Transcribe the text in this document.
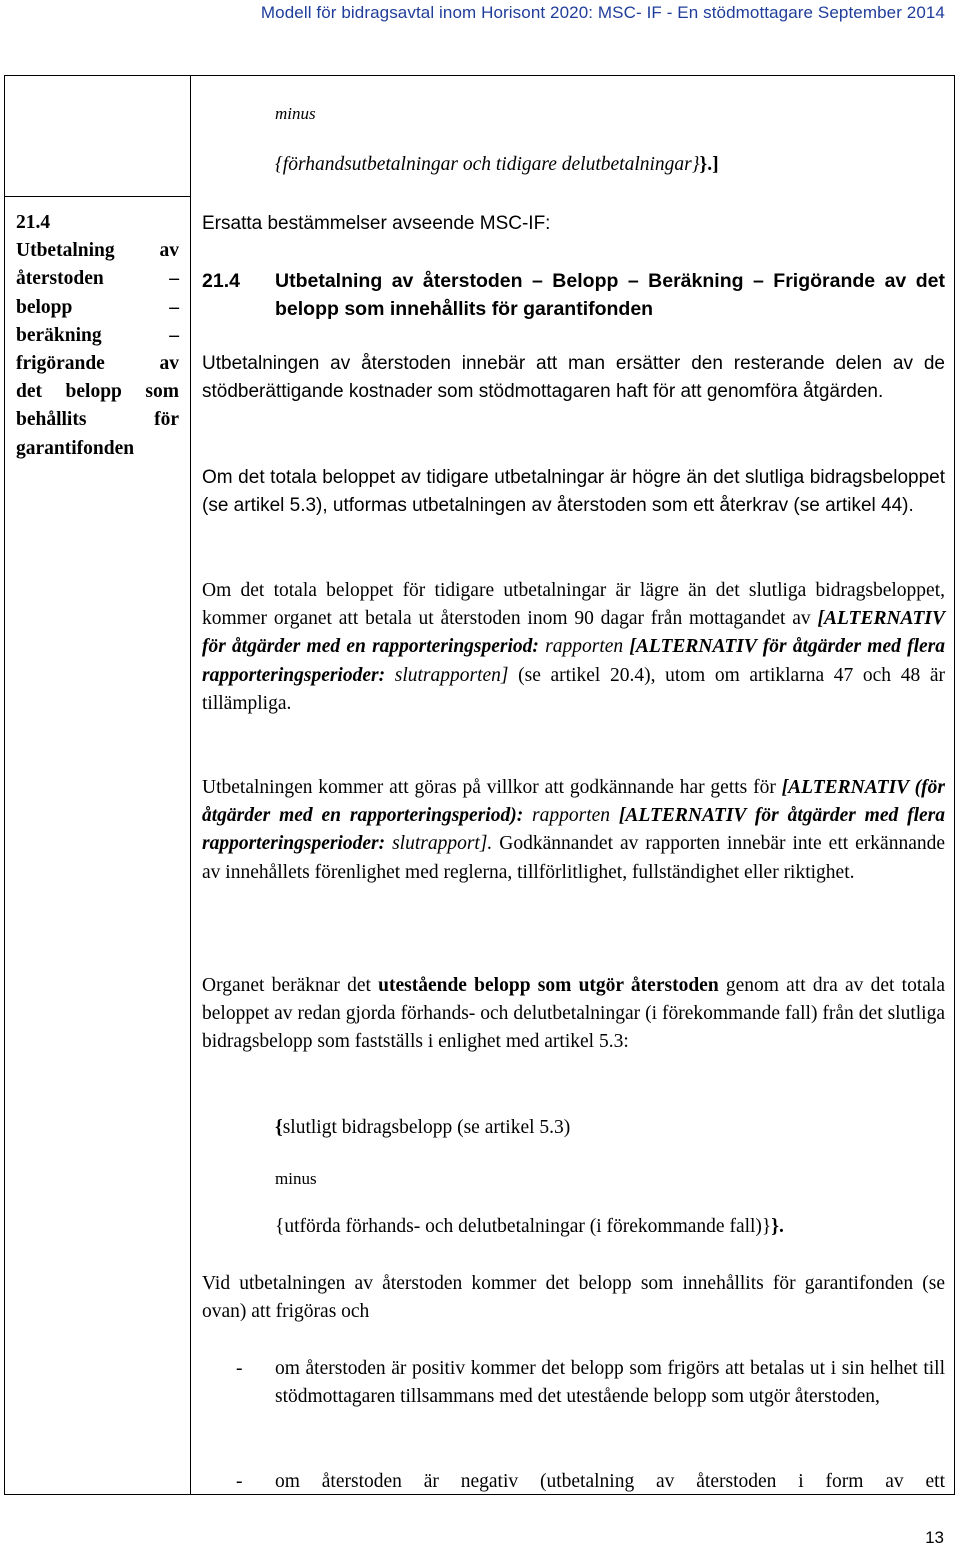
Modell för bidragsavtal inom Horisont 2020: MSC- IF - En stödmottagare September 2014
minus
{förhandsutbetalningar och tidigare delutbetalningar}}.]
21.4
Utbetalning av
återstoden –
belopp –
beräkning –
frigörande av
det belopp som
behållits för
garantifonden
Ersatta bestämmelser avseende MSC-IF:
21.4 Utbetalning av återstoden – Belopp – Beräkning – Frigörande av det belopp som innehållits för garantifonden

Utbetalningen av återstoden innebär att man ersätter den resterande delen av de stödberättigande kostnader som stödmottagaren haft för att genomföra åtgärden.

Om det totala beloppet av tidigare utbetalningar är högre än det slutliga bidragsbeloppet (se artikel 5.3), utformas utbetalningen av återstoden som ett återkrav (se artikel 44).

Om det totala beloppet för tidigare utbetalningar är lägre än det slutliga bidragsbeloppet, kommer organet att betala ut återstoden inom 90 dagar från mottagandet av [ALTERNATIV för åtgärder med en rapporteringsperiod: rapporten [ALTERNATIV för åtgärder med flera rapporteringsperioder: slutrapporten] (se artikel 20.4), utom om artiklarna 47 och 48 är tillämpliga.

Utbetalningen kommer att göras på villkor att godkännande har getts för [ALTERNATIV (för åtgärder med en rapporteringsperiod): rapporten [ALTERNATIV för åtgärder med flera rapporteringsperioder: slutrapport]. Godkännandet av rapporten innebär inte ett erkännande av innehållets förenlighet med reglerna, tillförlitlighet, fullständighet eller riktighet.

Organet beräknar det utestående belopp som utgör återstoden genom att dra av det totala beloppet av redan gjorda förhands- och delutbetalningar (i förekommande fall) från det slutliga bidragsbelopp som fastställs i enlighet med artikel 5.3:

{slutligt bidragsbelopp (se artikel 5.3)
minus
{utförda förhands- och delutbetalningar (i förekommande fall)}}.

Vid utbetalningen av återstoden kommer det belopp som innehållits för garantifonden (se ovan) att frigöras och

- om återstoden är positiv kommer det belopp som frigörs att betalas ut i sin helhet till stödmottagaren tillsammans med det utestående belopp som utgör återstoden,
- om återstoden är negativ (utbetalning av återstoden i form av ett
13
